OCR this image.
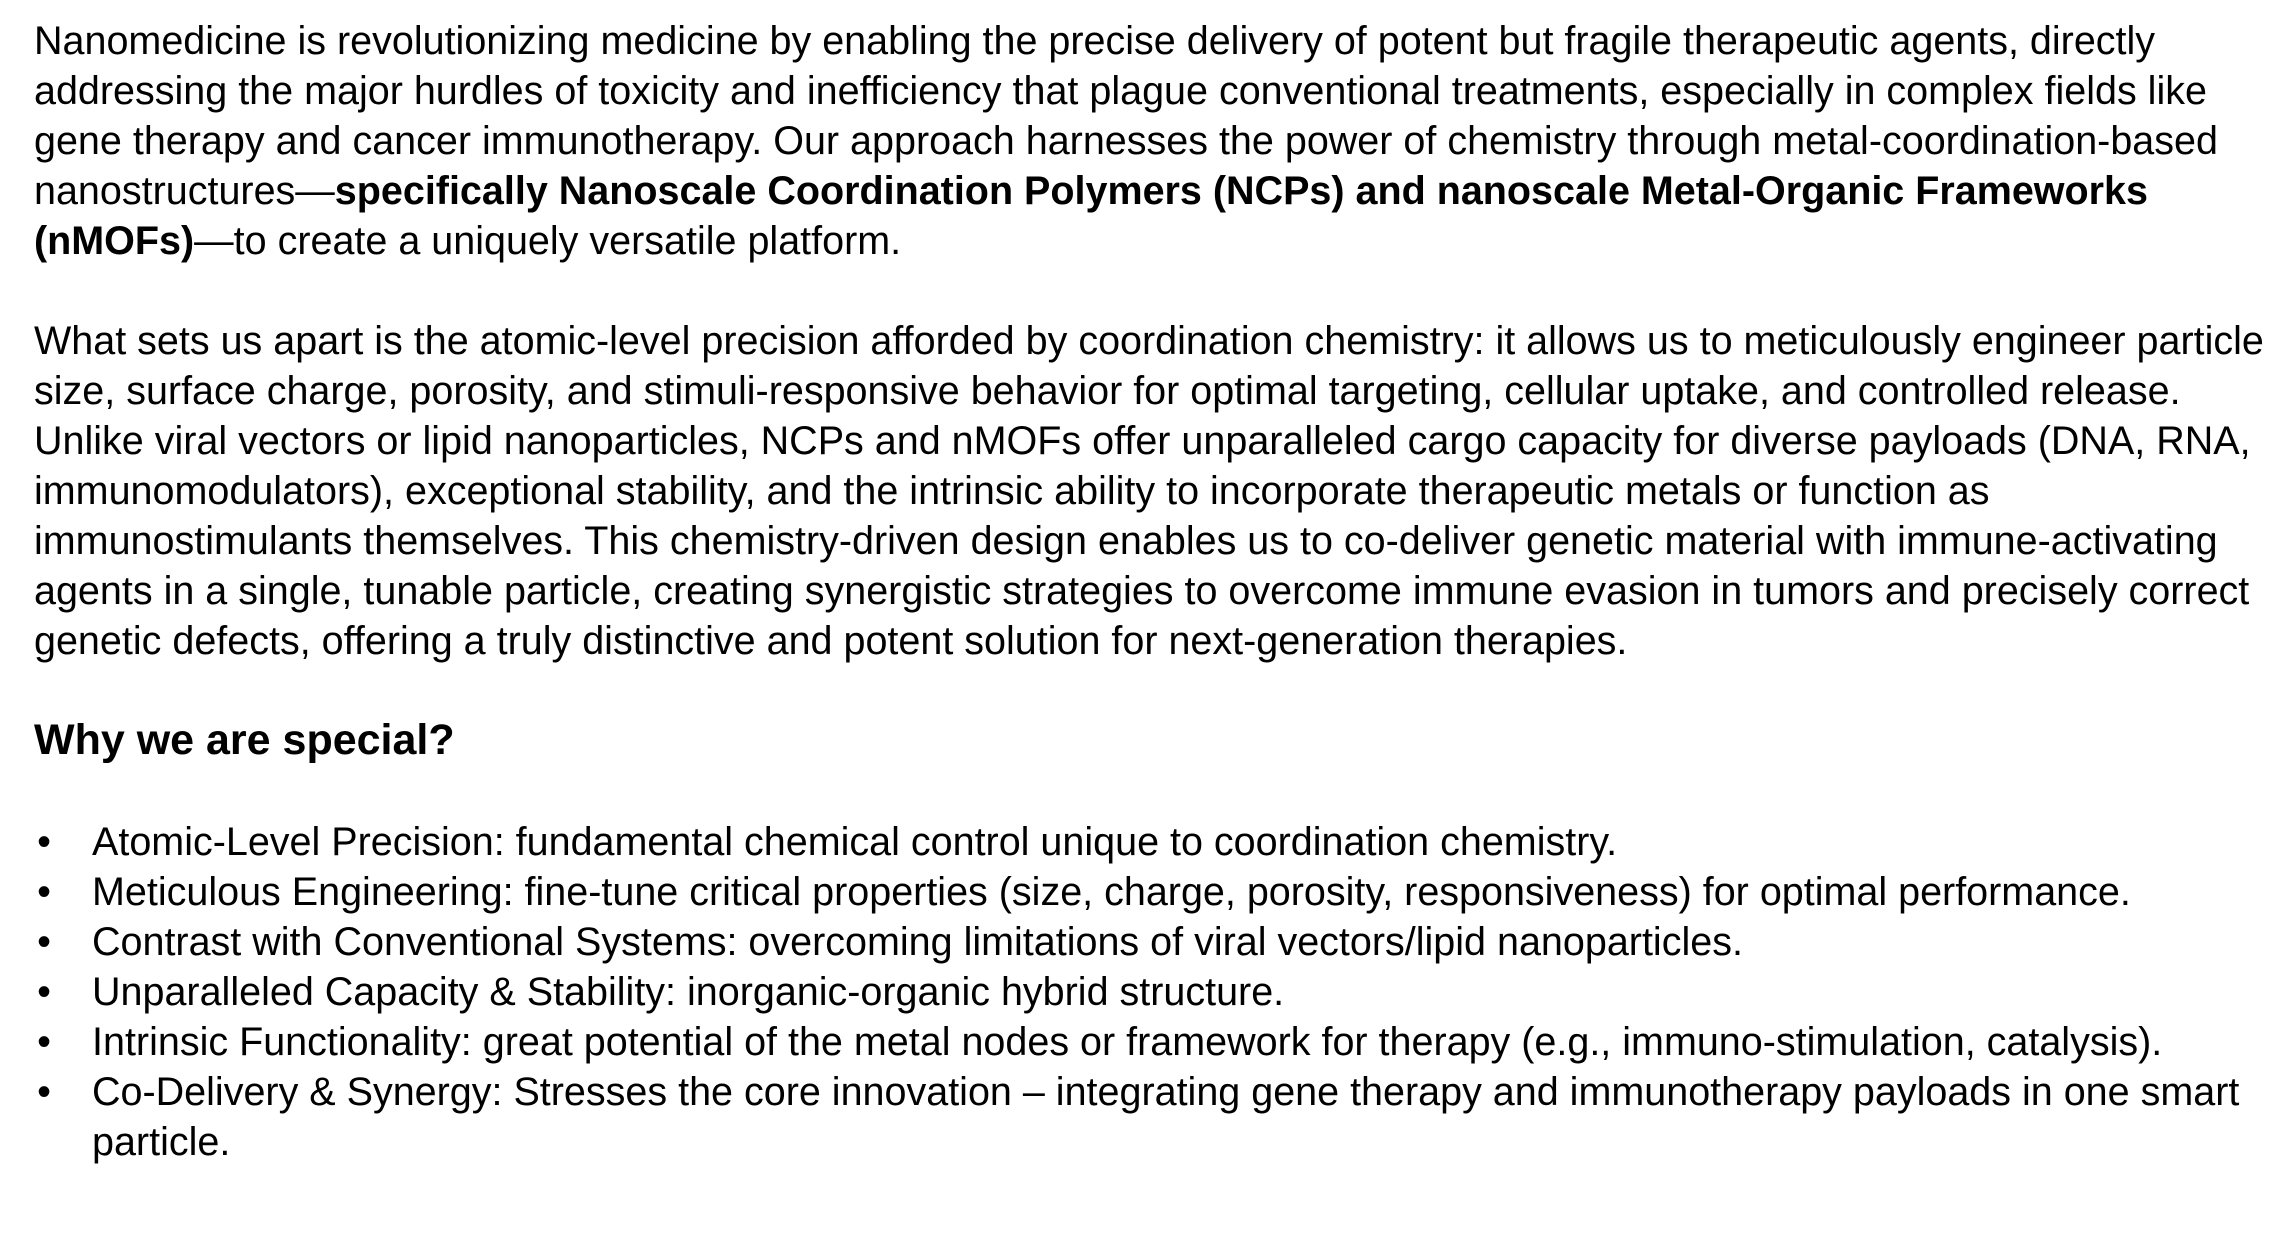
Nanomedicine is revolutionizing medicine by enabling the precise delivery of potent but fragile therapeutic agents, directly addressing the major hurdles of toxicity and inefficiency that plague conventional treatments, especially in complex fields like gene therapy and cancer immunotherapy. Our approach harnesses the power of chemistry through metal-coordination-based nanostructures—specifically Nanoscale Coordination Polymers (NCPs) and nanoscale Metal-Organic Frameworks (nMOFs)—to create a uniquely versatile platform.

What sets us apart is the atomic-level precision afforded by coordination chemistry: it allows us to meticulously engineer particle size, surface charge, porosity, and stimuli-responsive behavior for optimal targeting, cellular uptake, and controlled release. Unlike viral vectors or lipid nanoparticles, NCPs and nMOFs offer unparalleled cargo capacity for diverse payloads (DNA, RNA, immunomodulators), exceptional stability, and the intrinsic ability to incorporate therapeutic metals or function as immunostimulants themselves. This chemistry-driven design enables us to co-deliver genetic material with immune-activating agents in a single, tunable particle, creating synergistic strategies to overcome immune evasion in tumors and precisely correct genetic defects, offering a truly distinctive and potent solution for next-generation therapies.

Why we are special?
• Atomic-Level Precision: fundamental chemical control unique to coordination chemistry.
• Meticulous Engineering: fine-tune critical properties (size, charge, porosity, responsiveness) for optimal performance.
• Contrast with Conventional Systems: overcoming limitations of viral vectors/lipid nanoparticles.
• Unparalleled Capacity & Stability: inorganic-organic hybrid structure.
• Intrinsic Functionality: great potential of the metal nodes or framework for therapy (e.g., immuno-stimulation, catalysis).
• Co-Delivery & Synergy: Stresses the core innovation – integrating gene therapy and immunotherapy payloads in one smart particle.
